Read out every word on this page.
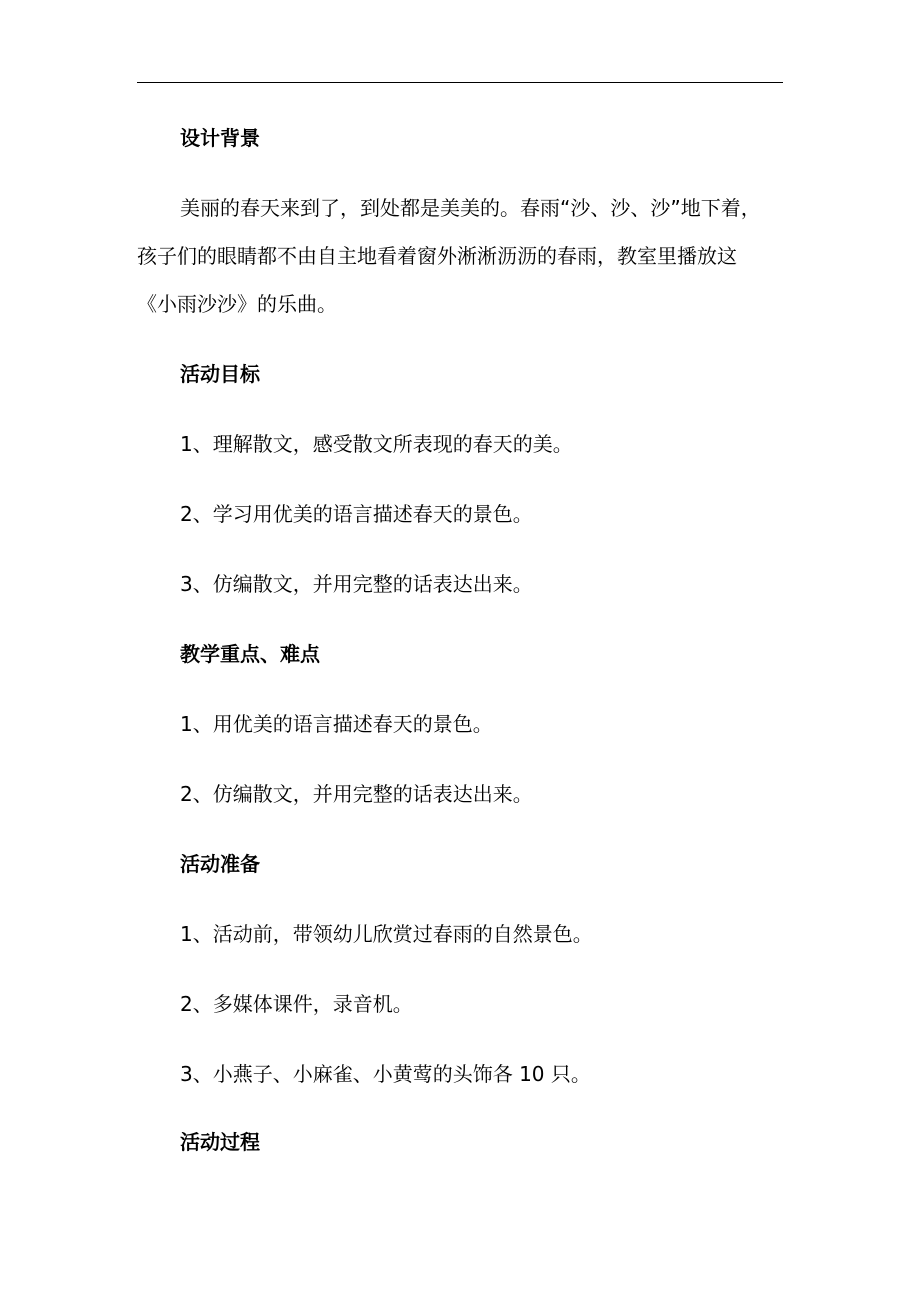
设计背景
美丽的春天来到了，到处都是美美的。春雨“沙、沙、沙”地下着，
孩子们的眼睛都不由自主地看着窗外淅淅沥沥的春雨，教室里播放这
《小雨沙沙》的乐曲。
活动目标
1、理解散文，感受散文所表现的春天的美。
2、学习用优美的语言描述春天的景色。
3、仿编散文，并用完整的话表达出来。
教学重点、难点
1、用优美的语言描述春天的景色。
2、仿编散文，并用完整的话表达出来。
活动准备
1、活动前，带领幼儿欣赏过春雨的自然景色。
2、多媒体课件，录音机。
3、小燕子、小麻雀、小黄莺的头饰各 10 只。
活动过程
